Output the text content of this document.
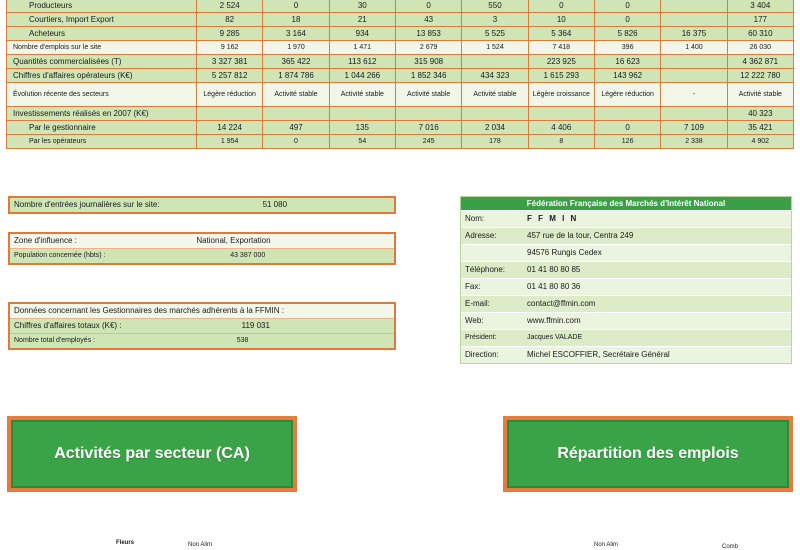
Producteurs	2 524	0	30	0	550	0	0		3 404
Courtiers, Import Export	82	18	21	43	3	10	0		177
Acheteurs	9 285	3 164	934	13 853	5 525	5 364	5 826	16 375	60 310
Nombre d'emplois sur le site	9 162	1 970	1 471	2 679	1 524	7 418	396	1 400	26 030
Quantités commercialisées (T)	3 327 381	365 422	113 612	315 908		223 925	16 623		4 362 871
Chiffres d'affaires opérateurs (K€)	5 257 812	1 874 786	1 044 266	1 852 346	434 323	1 615 293	143 962		12 222 780
Évolution récente des secteurs	Légère réduction	Activité stable	Activité stable	Activité stable	Activité stable	Légère croissance	Légère réduction	-	Activité stable
Investissements réalisés en 2007 (K€)									40 323
Par le gestionnaire	14 224	497	135	7 016	2 034	4 406	0	7 109	35 421
Par les opérateurs	1 954	0	54	245	178	8	126	2 338	4 902
Nombre d'entrées journalières sur le site:	51 080
Zone d'influence :	National, Exportation
Population concernée (hbts) :	43 387 000
Données concernant les Gestionnaires des marchés adhérents à la FFMIN :
Chiffres d'affaires totaux (K€) :	119 031
Nombre total d'employés :	538
Fédération Française des Marchés d'Intérêt National
Nom:	F F M I N
Adresse:	457 rue de la tour, Centra 249
94576 Rungis Cedex
Téléphone:	01 41 80 80 85
Fax:	01 41 80 80 36
E-mail:	contact@ffmin.com
Web:	www.ffmin.com
Président:	Jacques VALADE
Direction:	Michel ESCOFFIER, Secrétaire Général
Activités par secteur (CA)	Répartition des emplois
Fleurs	Non Alim	Non Alim	Comb
